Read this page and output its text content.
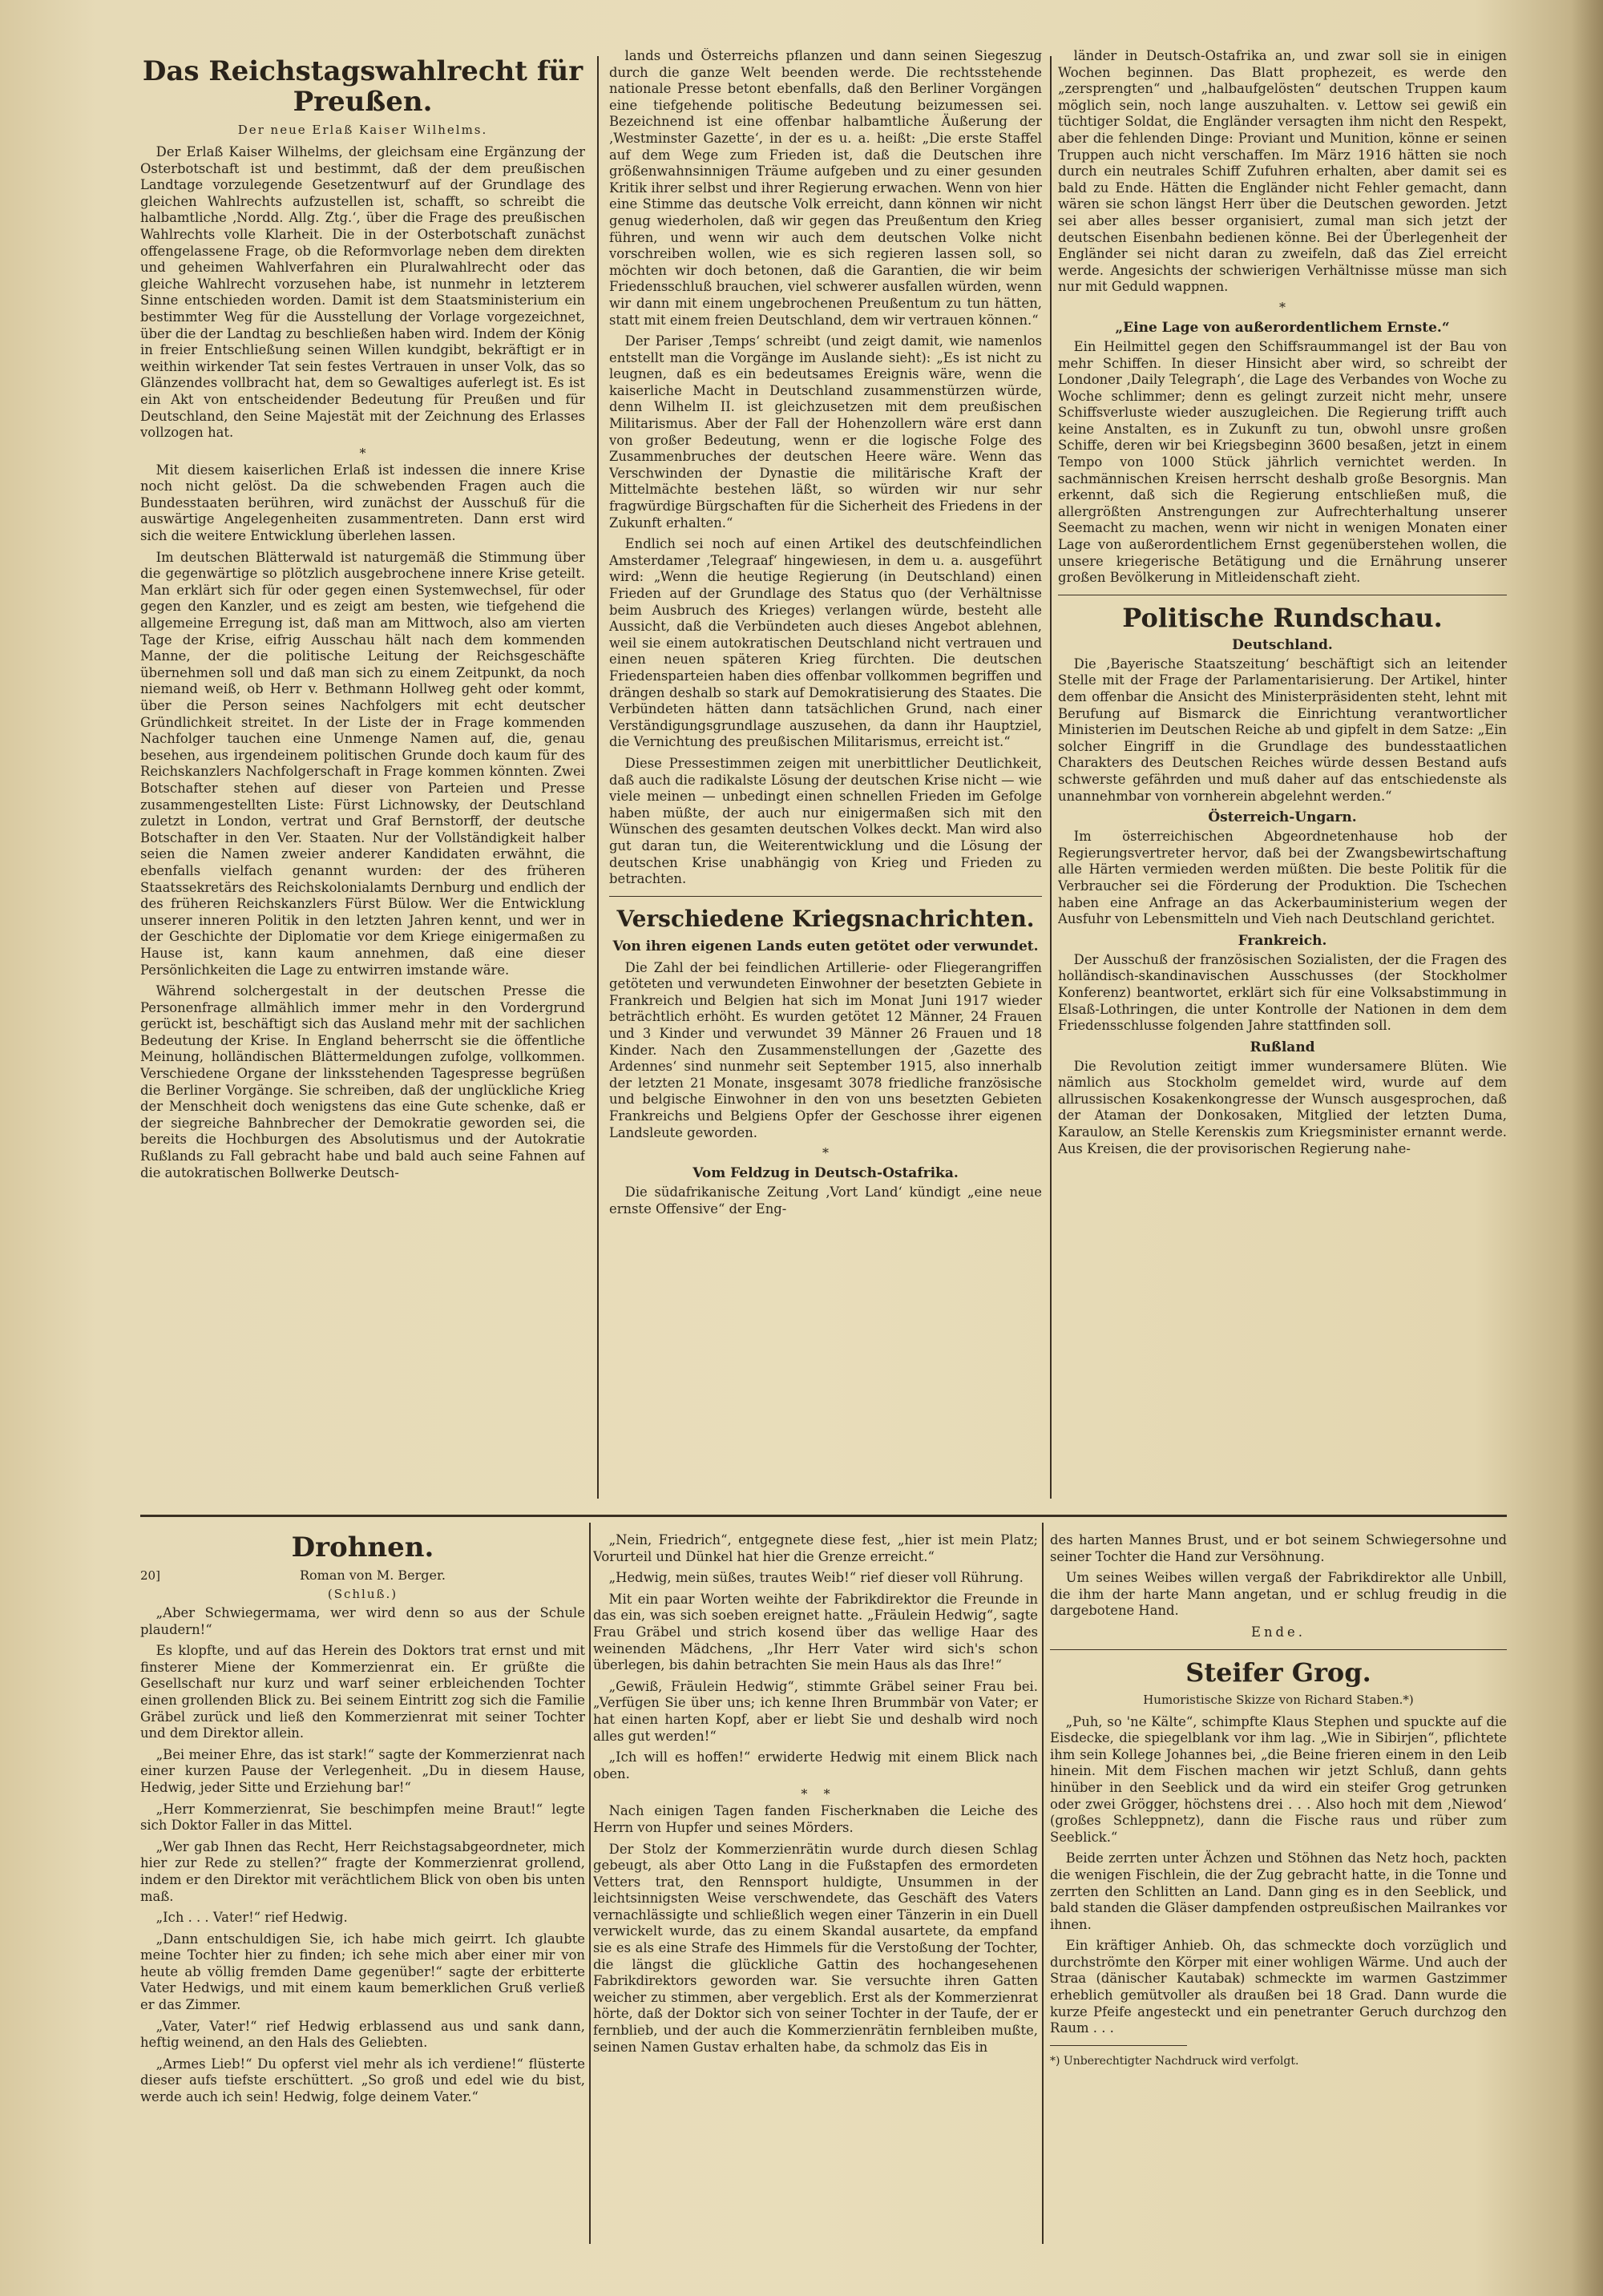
Das Reichstagswahlrecht für Preußen.
Der neue Erlaß Kaiser Wilhelms.

Der Erlaß Kaiser Wilhelms, der gleichsam eine Ergänzung der Osterbotschaft ist und bestimmt, daß der dem preußischen Landtage vorzulegende Gesetzentwurf auf der Grundlage des gleichen Wahlrechts aufzustellen ist, schafft, so schreibt die halbamtliche ‚Nordd. Allg. Ztg.‘, über die Frage des preußischen Wahlrechts volle Klarheit. Die in der Osterbotschaft zunächst offengelassene Frage, ob die Reformvorlage neben dem direkten und geheimen Wahlverfahren ein Pluralwahlrecht oder das gleiche Wahlrecht vorzusehen habe, ist nunmehr in letzterem Sinne entschieden worden. Damit ist dem Staatsministerium ein bestimmter Weg für die Ausstellung der Vorlage vorgezeichnet, über die der Landtag zu beschließen haben wird. Indem der König in freier Entschließung seinen Willen kundgibt, bekräftigt er in weithin wirkender Tat sein festes Vertrauen in unser Volk, das so Glänzendes vollbracht hat, dem so Gewaltiges auferlegt ist. Es ist ein Akt von entscheidender Bedeutung für Preußen und für Deutschland, den Seine Majestät mit der Zeichnung des Erlasses vollzogen hat.

*

Mit diesem kaiserlichen Erlaß ist indessen die innere Krise noch nicht gelöst. Da die schwebenden Fragen auch die Bundesstaaten berühren, wird zunächst der Ausschuß für die auswärtige Angelegenheiten zusammentreten. Dann erst wird sich die weitere Entwicklung überlehen lassen.

Im deutschen Blätterwald ist naturgemäß die Stimmung über die gegenwärtige so plötzlich ausgebrochene innere Krise geteilt. Man erklärt sich für oder gegen einen Systemwechsel, für oder gegen den Kanzler, und es zeigt am besten, wie tiefgehend die allgemeine Erregung ist, daß man am Mittwoch, also am vierten Tage der Krise, eifrig Ausschau hält nach dem kommenden Manne, der die politische Leitung der Reichsgeschäfte übernehmen soll und daß man sich zu einem Zeitpunkt, da noch niemand weiß, ob Herr v. Bethmann Hollweg geht oder kommt, über die Person seines Nachfolgers mit echt deutscher Gründlichkeit streitet. In der Liste der in Frage kommenden Nachfolger tauchen eine Unmenge Namen auf, die, genau besehen, aus irgendeinem politischen Grunde doch kaum für des Reichskanzlers Nachfolgerschaft in Frage kommen könnten. Zwei Botschafter stehen auf dieser von Parteien und Presse zusammengestellten Liste: Fürst Lichnowsky, der Deutschland zuletzt in London, vertrat und Graf Bernstorff, der deutsche Botschafter in den Ver. Staaten. Nur der Vollständigkeit halber seien die Namen zweier anderer Kandidaten erwähnt, die ebenfalls vielfach genannt wurden: der des früheren Staatssekretärs des Reichskolonialamts Dernburg und endlich der des früheren Reichskanzlers Fürst Bülow. Wer die Entwicklung unserer inneren Politik in den letzten Jahren kennt, und wer in der Geschichte der Diplomatie vor dem Kriege einigermaßen zu Hause ist, kann kaum annehmen, daß eine dieser Persönlichkeiten die Lage zu entwirren imstande wäre.

Während solchergestalt in der deutschen Presse die Personenfrage allmählich immer mehr in den Vordergrund gerückt ist, beschäftigt sich das Ausland mehr mit der sachlichen Bedeutung der Krise. In England beherrscht sie die öffentliche Meinung, holländischen Blättermeldungen zufolge, vollkommen. Verschiedene Organe der linksstehenden Tagespresse begrüßen die Berliner Vorgänge. Sie schreiben, daß der unglückliche Krieg der Menschheit doch wenigstens das eine Gute schenke, daß er der siegreiche Bahnbrecher der Demokratie geworden sei, die bereits die Hochburgen des Absolutismus und der Autokratie Rußlands zu Fall gebracht habe und bald auch seine Fahnen auf die autokratischen Bollwerke Deutsch-

lands und Österreichs pflanzen und dann seinen Siegeszug durch die ganze Welt beenden werde. Die rechtsstehende nationale Presse betont ebenfalls, daß den Berliner Vorgängen eine tiefgehende politische Bedeutung beizumessen sei. Bezeichnend ist eine offenbar halbamtliche Äußerung der ‚Westminster Gazette‘, in der es u. a. heißt: „Die erste Staffel auf dem Wege zum Frieden ist, daß die Deutschen ihre größenwahnsinnigen Träume aufgeben und zu einer gesunden Kritik ihrer selbst und ihrer Regierung erwachen. Wenn von hier eine Stimme das deutsche Volk erreicht, dann können wir nicht genug wiederholen, daß wir gegen das Preußentum den Krieg führen, und wenn wir auch dem deutschen Volke nicht vorschreiben wollen, wie es sich regieren lassen soll, so möchten wir doch betonen, daß die Garantien, die wir beim Friedensschluß brauchen, viel schwerer ausfallen würden, wenn wir dann mit einem ungebrochenen Preußentum zu tun hätten, statt mit einem freien Deutschland, dem wir vertrauen können.“

Der Pariser ‚Temps‘ schreibt (und zeigt damit, wie namenlos entstellt man die Vorgänge im Auslande sieht): „Es ist nicht zu leugnen, daß es ein bedeutsames Ereignis wäre, wenn die kaiserliche Macht in Deutschland zusammenstürzen würde, denn Wilhelm II. ist gleichzusetzen mit dem preußischen Militarismus. Aber der Fall der Hohenzollern wäre erst dann von großer Bedeutung, wenn er die logische Folge des Zusammenbruches der deutschen Heere wäre. Wenn das Verschwinden der Dynastie die militärische Kraft der Mittelmächte bestehen läßt, so würden wir nur sehr fragwürdige Bürgschaften für die Sicherheit des Friedens in der Zukunft erhalten.“

Endlich sei noch auf einen Artikel des deutschfeindlichen Amsterdamer ‚Telegraaf‘ hingewiesen, in dem u. a. ausgeführt wird: „Wenn die heutige Regierung (in Deutschland) einen Frieden auf der Grundlage des Status quo (der Verhältnisse beim Ausbruch des Krieges) verlangen würde, besteht alle Aussicht, daß die Verbündeten auch dieses Angebot ablehnen, weil sie einem autokratischen Deutschland nicht vertrauen und einen neuen späteren Krieg fürchten. Die deutschen Friedensparteien haben dies offenbar vollkommen begriffen und drängen deshalb so stark auf Demokratisierung des Staates. Die Verbündeten hätten dann tatsächlichen Grund, nach einer Verständigungsgrundlage auszusehen, da dann ihr Hauptziel, die Vernichtung des preußischen Militarismus, erreicht ist.“

Diese Pressestimmen zeigen mit unerbittlicher Deutlichkeit, daß auch die radikalste Lösung der deutschen Krise nicht — wie viele meinen — unbedingt einen schnellen Frieden im Gefolge haben müßte, der auch nur einigermaßen sich mit den Wünschen des gesamten deutschen Volkes deckt. Man wird also gut daran tun, die Weiterentwicklung und die Lösung der deutschen Krise unabhängig von Krieg und Frieden zu betrachten.

Verschiedene Kriegsnachrichten.
Von ihren eigenen Lands euten getötet oder verwundet.

Die Zahl der bei feindlichen Artillerie- oder Fliegerangriffen getöteten und verwundeten Einwohner der besetzten Gebiete in Frankreich und Belgien hat sich im Monat Juni 1917 wieder beträchtlich erhöht. Es wurden getötet 12 Männer, 24 Frauen und 3 Kinder und verwundet 39 Männer 26 Frauen und 18 Kinder. Nach den Zusammenstellungen der ‚Gazette des Ardennes‘ sind nunmehr seit September 1915, also innerhalb der letzten 21 Monate, insgesamt 3078 friedliche französische und belgische Einwohner in den von uns besetzten Gebieten Frankreichs und Belgiens Opfer der Geschosse ihrer eigenen Landsleute geworden.

*
Vom Feldzug in Deutsch-Ostafrika.

Die südafrikanische Zeitung ‚Vort Land‘ kündigt „eine neue ernste Offensive“ der Eng-

länder in Deutsch-Ostafrika an, und zwar soll sie in einigen Wochen beginnen. Das Blatt prophezeit, es werde den „zersprengten“ und „halbaufgelösten“ deutschen Truppen kaum möglich sein, noch lange auszuhalten. v. Lettow sei gewiß ein tüchtiger Soldat, die Engländer versagten ihm nicht den Respekt, aber die fehlenden Dinge: Proviant und Munition, könne er seinen Truppen auch nicht verschaffen. Im März 1916 hätten sie noch durch ein neutrales Schiff Zufuhren erhalten, aber damit sei es bald zu Ende. Hätten die Engländer nicht Fehler gemacht, dann wären sie schon längst Herr über die Deutschen geworden. Jetzt sei aber alles besser organisiert, zumal man sich jetzt der deutschen Eisenbahn bedienen könne. Bei der Überlegenheit der Engländer sei nicht daran zu zweifeln, daß das Ziel erreicht werde. Angesichts der schwierigen Verhältnisse müsse man sich nur mit Geduld wappnen.

*
„Eine Lage von außerordentlichem Ernste.“

Ein Heilmittel gegen den Schiffsraummangel ist der Bau von mehr Schiffen. In dieser Hinsicht aber wird, so schreibt der Londoner ‚Daily Telegraph‘, die Lage des Verbandes von Woche zu Woche schlimmer; denn es gelingt zurzeit nicht mehr, unsere Schiffsverluste wieder auszugleichen. Die Regierung trifft auch keine Anstalten, es in Zukunft zu tun, obwohl unsre großen Schiffe, deren wir bei Kriegsbeginn 3600 besaßen, jetzt in einem Tempo von 1000 Stück jährlich vernichtet werden. In sachmännischen Kreisen herrscht deshalb große Besorgnis. Man erkennt, daß sich die Regierung entschließen muß, die allergrößten Anstrengungen zur Aufrechterhaltung unserer Seemacht zu machen, wenn wir nicht in wenigen Monaten einer Lage von außerordentlichem Ernst gegenüberstehen wollen, die unsere kriegerische Betätigung und die Ernährung unserer großen Bevölkerung in Mitleidenschaft zieht.

Politische Rundschau.
Deutschland.

Die ‚Bayerische Staatszeitung‘ beschäftigt sich an leitender Stelle mit der Frage der Parlamentarisierung. Der Artikel, hinter dem offenbar die Ansicht des Ministerpräsidenten steht, lehnt mit Berufung auf Bismarck die Einrichtung verantwortlicher Ministerien im Deutschen Reiche ab und gipfelt in dem Satze: „Ein solcher Eingriff in die Grundlage des bundesstaatlichen Charakters des Deutschen Reiches würde dessen Bestand aufs schwerste gefährden und muß daher auf das entschiedenste als unannehmbar von vornherein abgelehnt werden.“

Österreich-Ungarn.

Im österreichischen Abgeordnetenhause hob der Regierungsvertreter hervor, daß bei der Zwangsbewirtschaftung alle Härten vermieden werden müßten. Die beste Politik für die Verbraucher sei die Förderung der Produktion. Die Tschechen haben eine Anfrage an das Ackerbauministerium wegen der Ausfuhr von Lebensmitteln und Vieh nach Deutschland gerichtet.

Frankreich.

Der Ausschuß der französischen Sozialisten, der die Fragen des holländisch-skandinavischen Ausschusses (der Stockholmer Konferenz) beantwortet, erklärt sich für eine Volksabstimmung in Elsaß-Lothringen, die unter Kontrolle der Nationen in dem dem Friedensschlusse folgenden Jahre stattfinden soll.

Rußland

Die Revolution zeitigt immer wundersamere Blüten. Wie nämlich aus Stockholm gemeldet wird, wurde auf dem allrussischen Kosakenkongresse der Wunsch ausgesprochen, daß der Ataman der Donkosaken, Mitglied der letzten Duma, Karaulow, an Stelle Kerenskis zum Kriegsminister ernannt werde. Aus Kreisen, die der provisorischen Regierung nahe-

Drohnen.
20]	Roman von M. Berger.
(Schluß.)

„Aber Schwiegermama, wer wird denn so aus der Schule plaudern!“

Es klopfte, und auf das Herein des Doktors trat ernst und mit finsterer Miene der Kommerzienrat ein. Er grüßte die Gesellschaft nur kurz und warf seiner erbleichenden Tochter einen grollenden Blick zu. Bei seinem Eintritt zog sich die Familie Gräbel zurück und ließ den Kommerzienrat mit seiner Tochter und dem Direktor allein.

„Bei meiner Ehre, das ist stark!“ sagte der Kommerzienrat nach einer kurzen Pause der Verlegenheit. „Du in diesem Hause, Hedwig, jeder Sitte und Erziehung bar!“

„Herr Kommerzienrat, Sie beschimpfen meine Braut!“ legte sich Doktor Faller in das Mittel.

„Wer gab Ihnen das Recht, Herr Reichstagsabgeordneter, mich hier zur Rede zu stellen?“ fragte der Kommerzienrat grollend, indem er den Direktor mit verächtlichem Blick von oben bis unten maß.

„Ich . . . Vater!“ rief Hedwig.

„Dann entschuldigen Sie, ich habe mich geirrt. Ich glaubte meine Tochter hier zu finden; ich sehe mich aber einer mir von heute ab völlig fremden Dame gegenüber!“ sagte der erbitterte Vater Hedwigs, und mit einem kaum bemerklichen Gruß verließ er das Zimmer.

„Vater, Vater!“ rief Hedwig erblassend aus und sank dann, heftig weinend, an den Hals des Geliebten.

„Armes Lieb!“ Du opferst viel mehr als ich verdiene!“ flüsterte dieser aufs tiefste erschüttert. „So groß und edel wie du bist, werde auch ich sein! Hedwig, folge deinem Vater.“

„Nein, Friedrich“, entgegnete diese fest, „hier ist mein Platz; Vorurteil und Dünkel hat hier die Grenze erreicht.“

„Hedwig, mein süßes, trautes Weib!“ rief dieser voll Rührung.

Mit ein paar Worten weihte der Fabrikdirektor die Freunde in das ein, was sich soeben ereignet hatte. „Fräulein Hedwig“, sagte Frau Gräbel und strich kosend über das wellige Haar des weinenden Mädchens, „Ihr Herr Vater wird sich's schon überlegen, bis dahin betrachten Sie mein Haus als das Ihre!“

„Gewiß, Fräulein Hedwig“, stimmte Gräbel seiner Frau bei. „Verfügen Sie über uns; ich kenne Ihren Brummbär von Vater; er hat einen harten Kopf, aber er liebt Sie und deshalb wird noch alles gut werden!“

„Ich will es hoffen!“ erwiderte Hedwig mit einem Blick nach oben.

*    *

Nach einigen Tagen fanden Fischerknaben die Leiche des Herrn von Hupfer und seines Mörders.

Der Stolz der Kommerzienrätin wurde durch diesen Schlag gebeugt, als aber Otto Lang in die Fußstapfen des ermordeten Vetters trat, den Rennsport huldigte, Unsummen in der leichtsinnigsten Weise verschwendete, das Geschäft des Vaters vernachlässigte und schließlich wegen einer Tänzerin in ein Duell verwickelt wurde, das zu einem Skandal ausartete, da empfand sie es als eine Strafe des Himmels für die Verstoßung der Tochter, die längst die glückliche Gattin des hochangesehenen Fabrikdirektors geworden war. Sie versuchte ihren Gatten weicher zu stimmen, aber vergeblich. Erst als der Kommerzienrat hörte, daß der Doktor sich von seiner Tochter in der Taufe, der er fernblieb, und der auch die Kommerzienrätin fernbleiben mußte, seinen Namen Gustav erhalten habe, da schmolz das Eis in

des harten Mannes Brust, und er bot seinem Schwiegersohne und seiner Tochter die Hand zur Versöhnung.

Um seines Weibes willen vergaß der Fabrikdirektor alle Unbill, die ihm der harte Mann angetan, und er schlug freudig in die dargebotene Hand.

Ende.

Steifer Grog.
Humoristische Skizze von Richard Staben.*)

„Puh, so 'ne Kälte“, schimpfte Klaus Stephen und spuckte auf die Eisdecke, die spiegelblank vor ihm lag. „Wie in Sibirjen“, pflichtete ihm sein Kollege Johannes bei, „die Beine frieren einem in den Leib hinein. Mit dem Fischen machen wir jetzt Schluß, dann gehts hinüber in den Seeblick und da wird ein steifer Grog getrunken oder zwei Grögger, höchstens drei . . . Also hoch mit dem ‚Niewod‘ (großes Schleppnetz), dann die Fische raus und rüber zum Seeblick.“

Beide zerrten unter Ächzen und Stöhnen das Netz hoch, packten die wenigen Fischlein, die der Zug gebracht hatte, in die Tonne und zerrten den Schlitten an Land. Dann ging es in den Seeblick, und bald standen die Gläser dampfenden ostpreußischen Mailrankes vor ihnen.

Ein kräftiger Anhieb. Oh, das schmeckte doch vorzüglich und durchströmte den Körper mit einer wohligen Wärme. Und auch der Straa (dänischer Kautabak) schmeckte im warmen Gastzimmer erheblich gemütvoller als draußen bei 18 Grad. Dann wurde die kurze Pfeife angesteckt und ein penetranter Geruch durchzog den Raum . . .

*) Unberechtigter Nachdruck wird verfolgt.
